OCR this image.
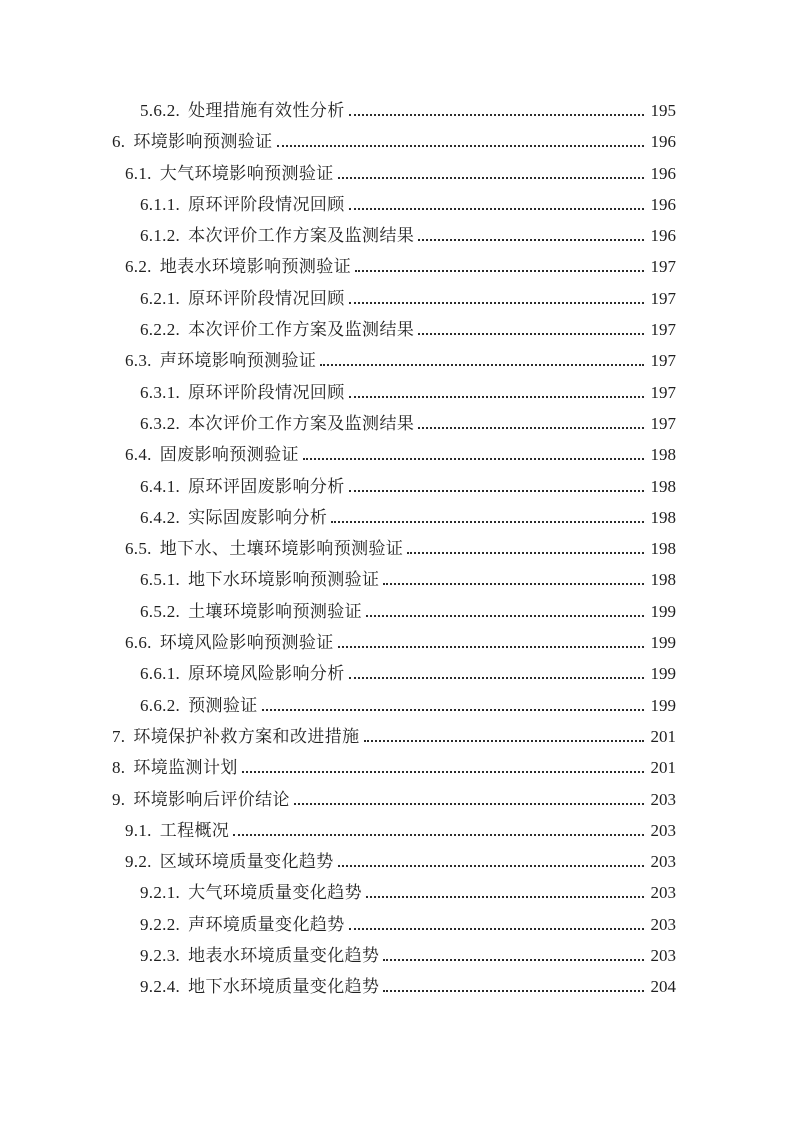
5.6.2. 处理措施有效性分析	195
6. 环境影响预测验证	196
6.1. 大气环境影响预测验证	196
6.1.1. 原环评阶段情况回顾	196
6.1.2. 本次评价工作方案及监测结果	196
6.2. 地表水环境影响预测验证	197
6.2.1. 原环评阶段情况回顾	197
6.2.2. 本次评价工作方案及监测结果	197
6.3. 声环境影响预测验证	197
6.3.1. 原环评阶段情况回顾	197
6.3.2. 本次评价工作方案及监测结果	197
6.4. 固废影响预测验证	198
6.4.1. 原环评固废影响分析	198
6.4.2. 实际固废影响分析	198
6.5. 地下水、土壤环境影响预测验证	198
6.5.1. 地下水环境影响预测验证	198
6.5.2. 土壤环境影响预测验证	199
6.6. 环境风险影响预测验证	199
6.6.1. 原环境风险影响分析	199
6.6.2. 预测验证	199
7. 环境保护补救方案和改进措施	201
8. 环境监测计划	201
9. 环境影响后评价结论	203
9.1. 工程概况	203
9.2. 区域环境质量变化趋势	203
9.2.1. 大气环境质量变化趋势	203
9.2.2. 声环境质量变化趋势	203
9.2.3. 地表水环境质量变化趋势	203
9.2.4. 地下水环境质量变化趋势	204
